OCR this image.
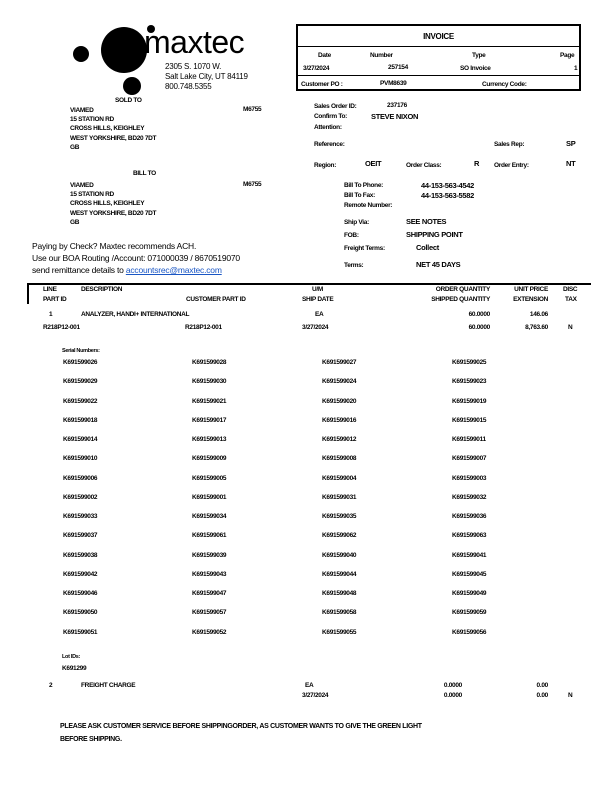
maxtec
2305 S. 1070 W.
Salt Lake City, UT 84119
800.748.5355
INVOICE
Date	Number	Type	Page
3/27/2024	257154	SO Invoice	1
Customer PO :	PVM8639	Currency Code:
SOLD TO
VIAMED
15 STATION RD
CROSS HILLS, KEIGHLEY
WEST YORKSHIRE, BD20 7DT
GB
M6755
BILL TO
VIAMED
15 STATION RD
CROSS HILLS, KEIGHLEY
WEST YORKSHIRE, BD20 7DT
GB
M6755
Sales Order ID:	237176
Confirm To:	STEVE NIXON
Attention:
Reference:	Sales Rep:	SP
Region:	OEIT	Order Class:	R Order Entry:	NT
Bill To Phone:	44-153-563-4542
Bill To Fax:	44-153-563-5582
Remote Number:
Ship Via:	SEE NOTES
FOB:	SHIPPING POINT
Freight Terms:	Collect
Terms:	NET 45 DAYS
Paying by Check? Maxtec recommends ACH.
Use our BOA Routing /Account: 071000039 / 8670519070
send remittance details to accountsrec@maxtec.com
LINE	DESCRIPTION	U/M	ORDER QUANTITY	UNIT PRICE DISC
PART ID	CUSTOMER PART ID	SHIP DATE	SHIPPED QUANTITY	EXTENSION	TAX
1	ANALYZER, HANDI+ INTERNATIONAL	EA	60.0000	146.06
R218P12-001	R218P12-001	3/27/2024	60.0000	8,763.60	N
Serial Numbers:
K691599026	K691599028	K691599027	K691599025
K691599029	K691599030	K691599024	K691599023
K691599022	K691599021	K691599020	K691599019
K691599018	K691599017	K691599016	K691599015
K691599014	K691599013	K691599012	K691599011
K691599010	K691599009	K691599008	K691599007
K691599006	K691599005	K691599004	K691599003
K691599002	K691599001	K691599031	K691599032
K691599033	K691599034	K691599035	K691599036
K691599037	K691599061	K691599062	K691599063
K691599038	K691599039	K691599040	K691599041
K691599042	K691599043	K691599044	K691599045
K691599046	K691599047	K691599048	K691599049
K691599050	K691599057	K691599058	K691599059
K691599051	K691599052	K691599055	K691599056
Lot IDs:
K691299
2	FREIGHT CHARGE	EA	0.0000	0.00
3/27/2024	0.0000	0.00	N
PLEASE ASK CUSTOMER SERVICE BEFORE SHIPPINGORDER, AS CUSTOMER WANTS TO GIVE THE GREEN LIGHT
BEFORE SHIPPING.
